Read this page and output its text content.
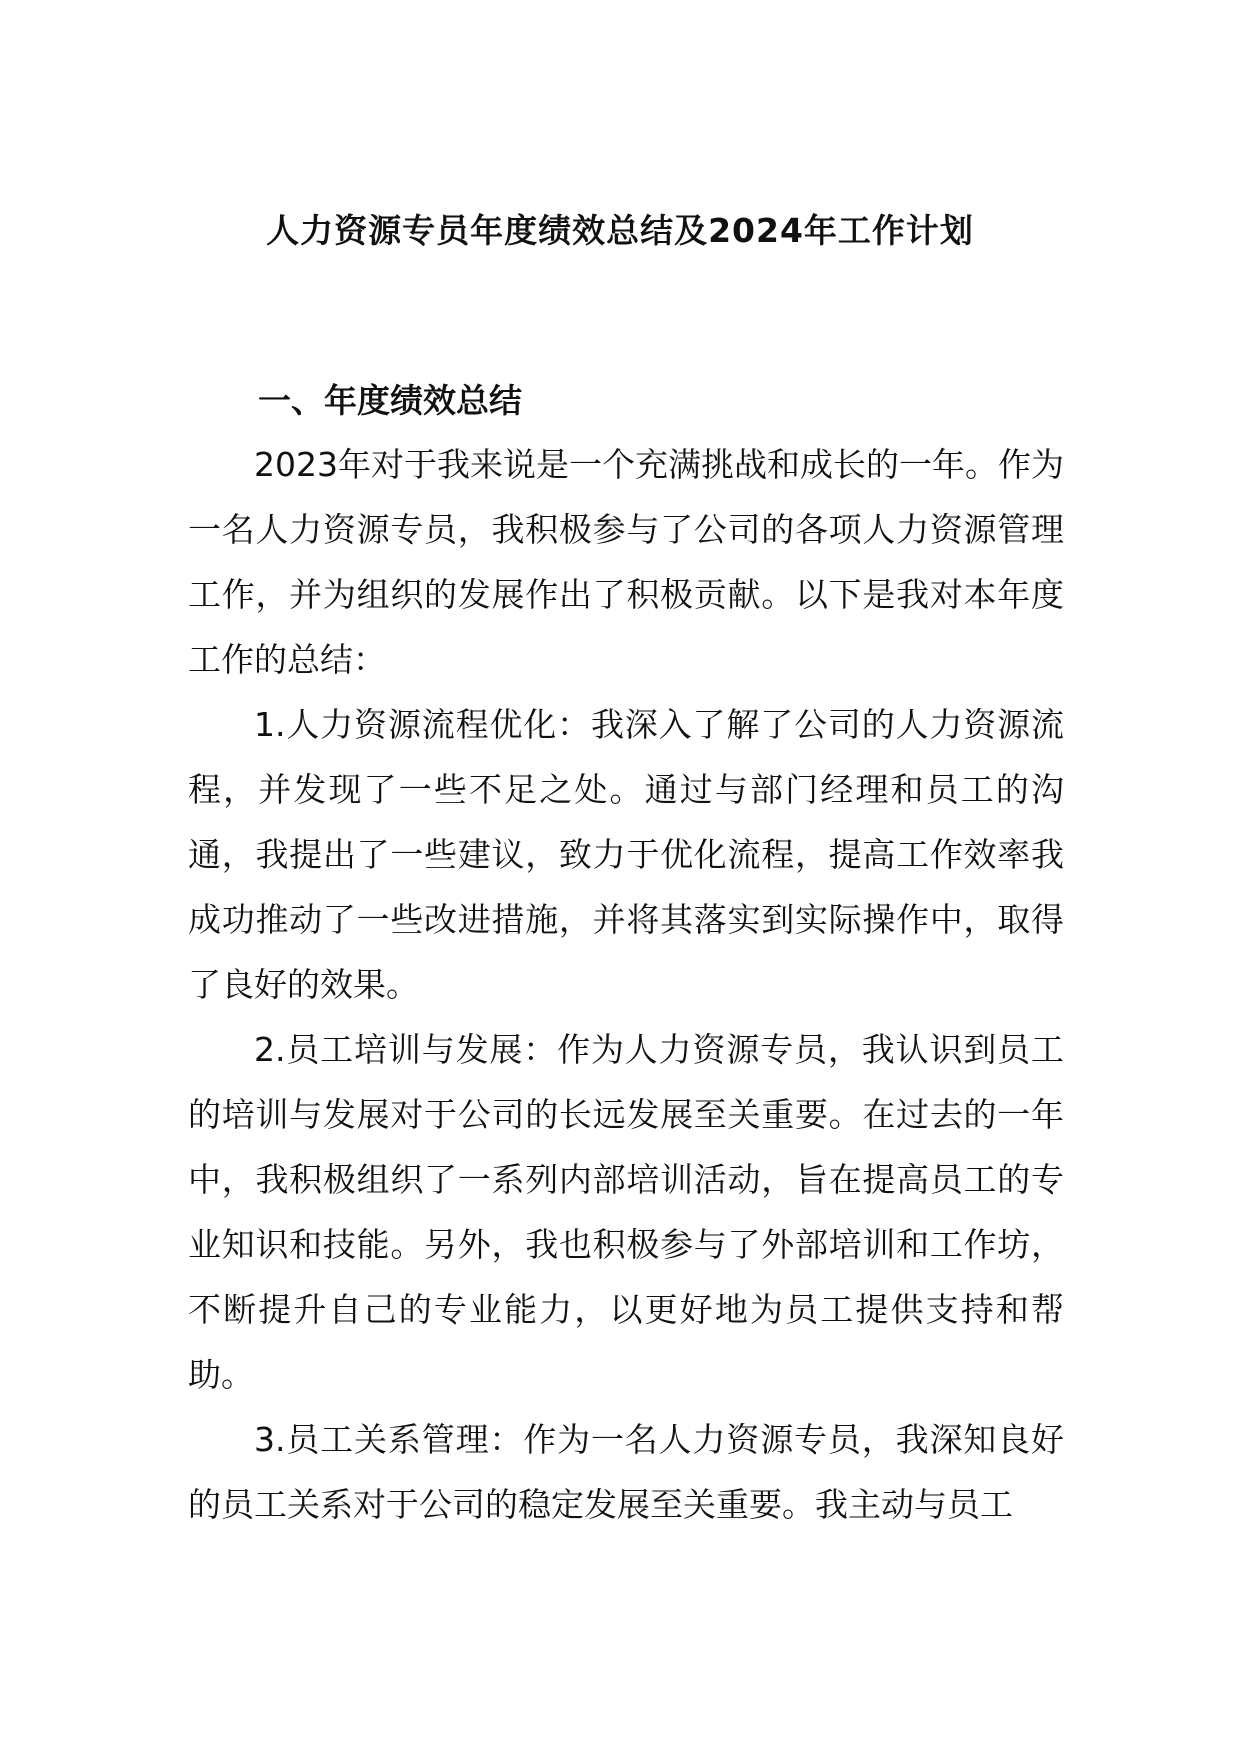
人力资源专员年度绩效总结及2024年工作计划
一、年度绩效总结

2023年对于我来说是一个充满挑战和成长的一年。作为一名人力资源专员，我积极参与了公司的各项人力资源管理工作，并为组织的发展作出了积极贡献。以下是我对本年度工作的总结：

1.人力资源流程优化：我深入了解了公司的人力资源流程，并发现了一些不足之处。通过与部门经理和员工的沟通，我提出了一些建议，致力于优化流程，提高工作效率我成功推动了一些改进措施，并将其落实到实际操作中，取得了良好的效果。

2.员工培训与发展：作为人力资源专员，我认识到员工的培训与发展对于公司的长远发展至关重要。在过去的一年中，我积极组织了一系列内部培训活动，旨在提高员工的专业知识和技能。另外，我也积极参与了外部培训和工作坊，不断提升自己的专业能力，以更好地为员工提供支持和帮助。

3.员工关系管理：作为一名人力资源专员，我深知良好的员工关系对于公司的稳定发展至关重要。我主动与员工
